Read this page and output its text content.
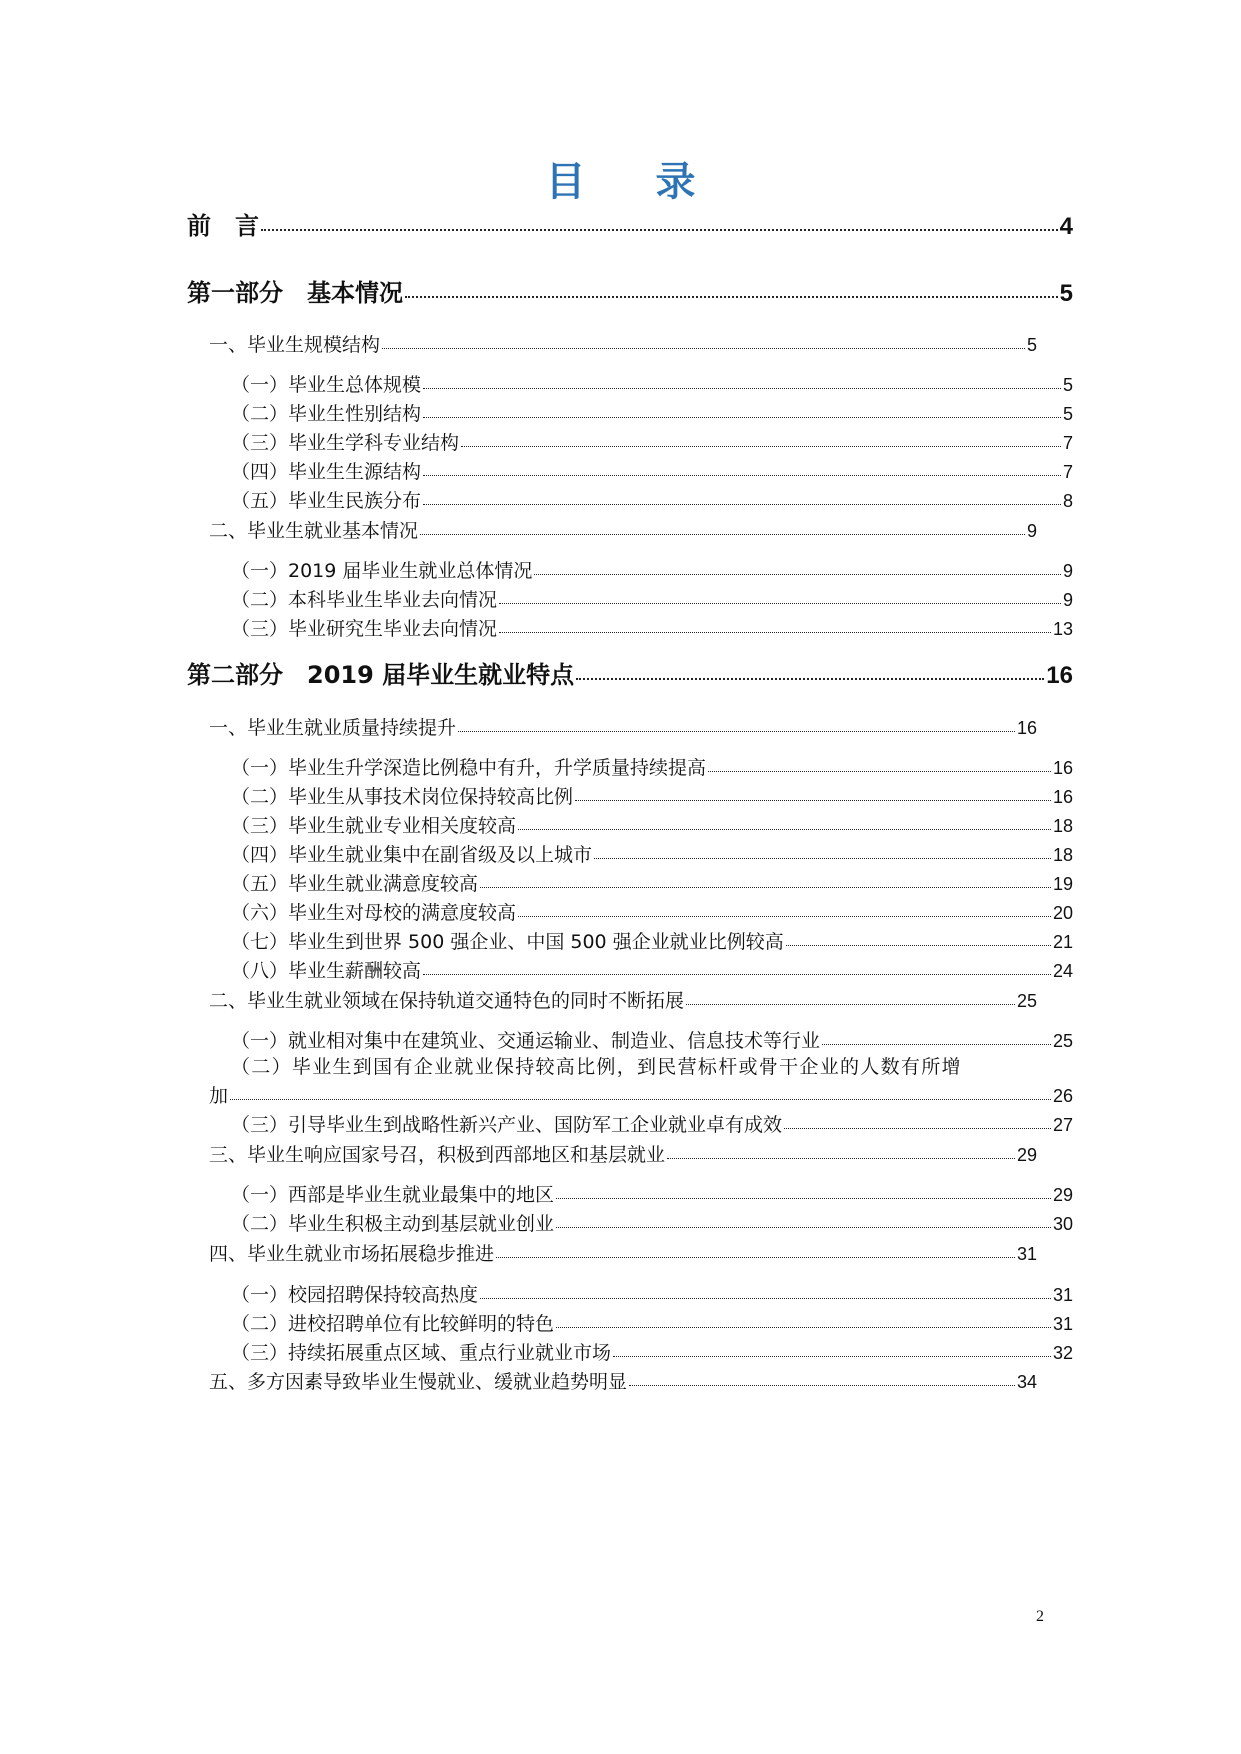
目 录
前　言	4
第一部分　基本情况	5
一、毕业生规模结构	5
（一）毕业生总体规模	5
（二）毕业生性别结构	5
（三）毕业生学科专业结构	7
（四）毕业生生源结构	7
（五）毕业生民族分布	8
二、毕业生就业基本情况	9
（一）2019 届毕业生就业总体情况	9
（二）本科毕业生毕业去向情况	9
（三）毕业研究生毕业去向情况	13
第二部分　2019 届毕业生就业特点	16
一、毕业生就业质量持续提升	16
（一）毕业生升学深造比例稳中有升，升学质量持续提高	16
（二）毕业生从事技术岗位保持较高比例	16
（三）毕业生就业专业相关度较高	18
（四）毕业生就业集中在副省级及以上城市	18
（五）毕业生就业满意度较高	19
（六）毕业生对母校的满意度较高	20
（七）毕业生到世界 500 强企业、中国 500 强企业就业比例较高	21
（八）毕业生薪酬较高	24
二、毕业生就业领域在保持轨道交通特色的同时不断拓展	25
（一）就业相对集中在建筑业、交通运输业、制造业、信息技术等行业	25
（二）毕业生到国有企业就业保持较高比例，到民营标杆或骨干企业的人数有所增
加	26
（三）引导毕业生到战略性新兴产业、国防军工企业就业卓有成效	27
三、毕业生响应国家号召，积极到西部地区和基层就业	29
（一）西部是毕业生就业最集中的地区	29
（二）毕业生积极主动到基层就业创业	30
四、毕业生就业市场拓展稳步推进	31
（一）校园招聘保持较高热度	31
（二）进校招聘单位有比较鲜明的特色	31
（三）持续拓展重点区域、重点行业就业市场	32
五、多方因素导致毕业生慢就业、缓就业趋势明显	34
2
